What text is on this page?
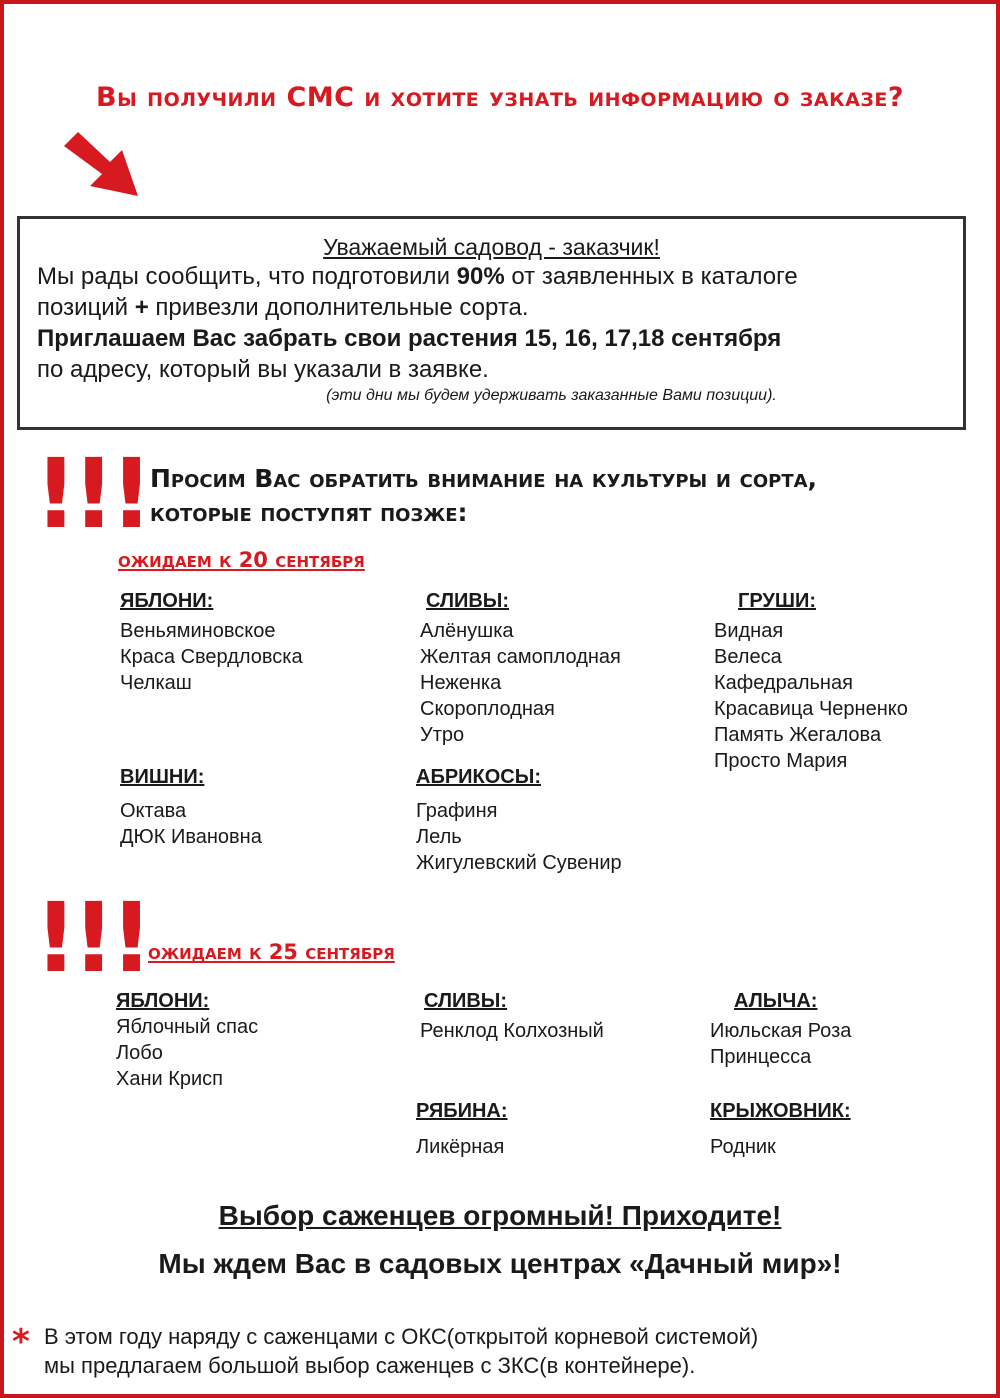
Вы получили СМС и хотите узнать информацию о заказе?
Уважаемый садовод - заказчик!
Мы рады сообщить, что подготовили 90% от заявленных в каталоге
позиций + привезли дополнительные сорта.
Приглашаем Вас забрать свои растения 15, 16, 17,18 сентября
по адресу, который вы указали в заявке.
(эти дни мы будем удерживать заказанные Вами позиции).
!!! Просим Вас обратить внимание на культуры и сорта,
которые поступят позже:
ожидаем к 20 сентября
ЯБЛОНИ:
Веньяминовское
Краса Свердловска
Челкаш
СЛИВЫ:
Алёнушка
Желтая самоплодная
Неженка
Скороплодная
Утро
ГРУШИ:
Видная
Велеса
Кафедральная
Красавица Черненко
Память Жегалова
Просто Мария
ВИШНИ:
Октава
ДЮК Ивановна
АБРИКОСЫ:
Графиня
Лель
Жигулевский Сувенир
!!! ожидаем к 25 сентября
ЯБЛОНИ:
Яблочный спас
Лобо
Хани Крисп
СЛИВЫ:
Ренклод Колхозный
АЛЫЧА:
Июльская Роза
Принцесса
РЯБИНА:
Ликёрная
КРЫЖОВНИК:
Родник
Выбор саженцев огромный! Приходите!
Мы ждем Вас в садовых центрах «Дачный мир»!
* В этом году наряду с саженцами с ОКС(открытой корневой системой)
мы предлагаем большой выбор саженцев с ЗКС(в контейнере).
